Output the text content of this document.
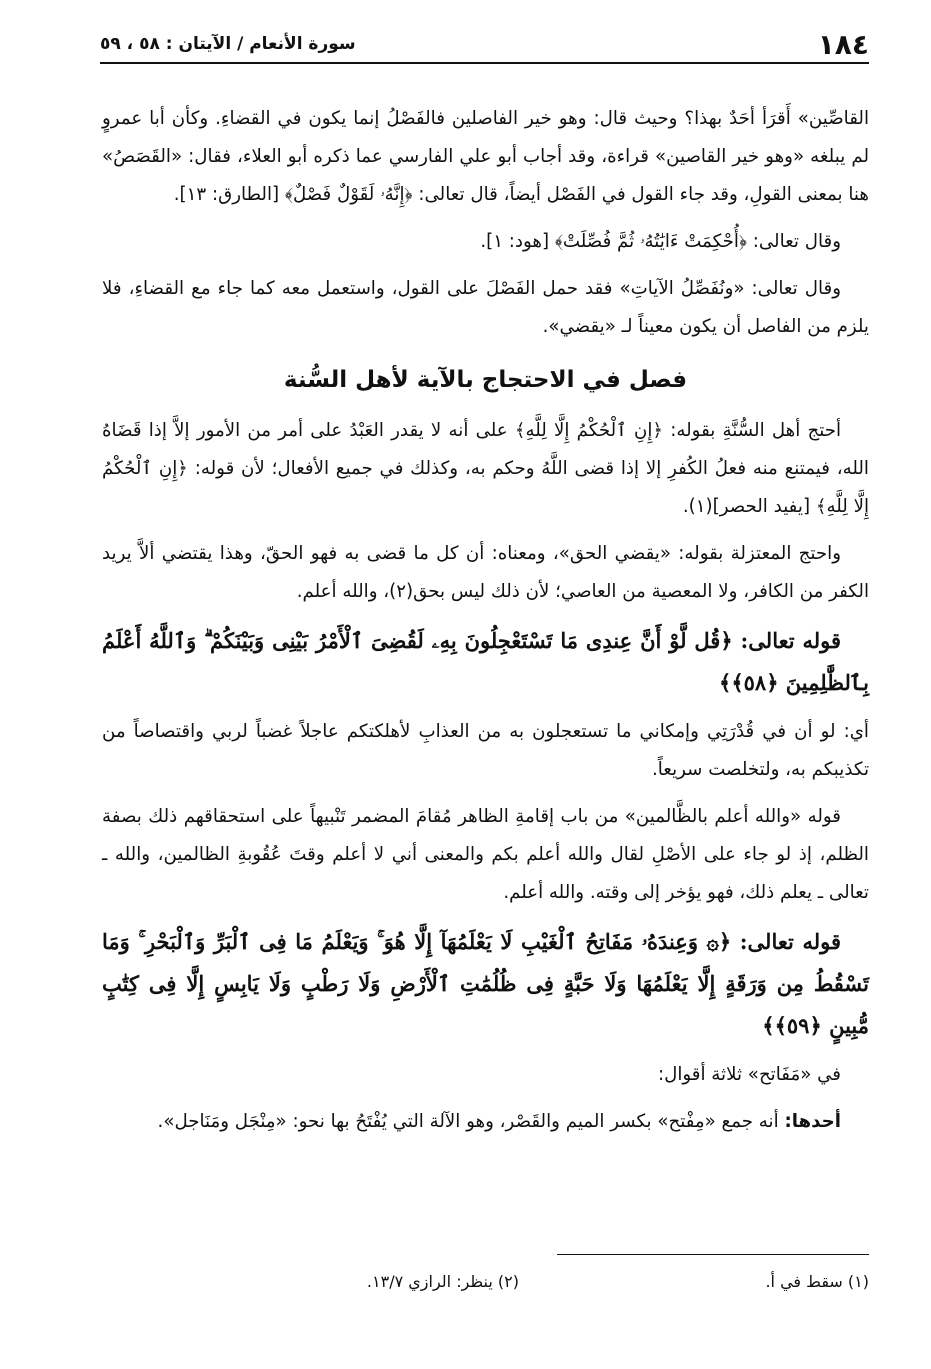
١٨٤
سورة الأنعام / الآيتان : ٥٨ ، ٥٩

القاصِّين» أَقرَأ أحَدٌ بهذا؟ وحيث قال: وهو خير الفاصلين فالفَصْلُ إنما يكون في القضاءِ. وكأن أبا عمروٍ لم يبلغه «وهو خير القاصين» قراءة، وقد أجاب أبو علي الفارسي عما ذكره أبو العلاء، فقال: «القَصَصُ» هنا بمعنى القولِ، وقد جاء القول في الفَصْل أيضاً، قال تعالى: ﴿إِنَّهُۥ لَقَوْلٌ فَصْلٌ﴾ [الطارق: ١٣].

وقال تعالى: ﴿أُحْكِمَتْ ءَايَٰتُهُۥ ثُمَّ فُصِّلَتْ﴾ [هود: ١].

وقال تعالى: «ونُفَصِّلُ الآياتِ» فقد حمل الفَصْلَ على القول، واستعمل معه كما جاء مع القضاءِ، فلا يلزم من الفاصل أن يكون معيناً لـ «يقضي».

فصل في الاحتجاج بالآية لأهل السُّنة

أحتج أهل السُّنَّةِ بقوله: ﴿إِنِ ٱلْحُكْمُ إِلَّا لِلَّهِ﴾ على أنه لا يقدر العَبْدُ على أمر من الأمور إلاَّ إذا قَضَاهُ الله، فيمتنع منه فعلُ الكُفرِ إلا إذا قضى اللَّهُ وحكم به، وكذلك في جميع الأفعال؛ لأن قوله: ﴿إِنِ ٱلْحُكْمُ إِلَّا لِلَّهِ﴾ [يفيد الحصر](١).

واحتج المعتزلة بقوله: «يقضي الحق»، ومعناه: أن كل ما قضى به فهو الحقّ، وهذا يقتضي ألاَّ يريد الكفر من الكافر، ولا المعصية من العاصي؛ لأن ذلك ليس بحق(٢)، والله أعلم.

قوله تعالى: ﴿قُل لَّوْ أَنَّ عِندِى مَا تَسْتَعْجِلُونَ بِهِۦ لَقُضِىَ ٱلْأَمْرُ بَيْنِى وَبَيْنَكُمْ ۗ وَٱللَّهُ أَعْلَمُ بِٱلظَّٰلِمِينَ ﴿٥٨﴾﴾

أي: لو أن في قُدْرَتِي وإمكاني ما تستعجلون به من العذابِ لأهلكتكم عاجلاً غضباً لربي واقتصاصاً من تكذيبكم به، ولتخلصت سريعاً.

قوله «والله أعلم بالظَّالمين» من باب إقامةِ الظاهر مُقامَ المضمر تَنْبيهاً على استحقاقهم ذلك بصفة الظلم، إذ لو جاء على الأصْلِ لقال والله أعلم بكم والمعنى أني لا أعلم وقتَ عُقُوبةِ الظالمين، والله ـ تعالى ـ يعلم ذلك، فهو يؤخر إلى وقته. والله أعلم.

قوله تعالى: ﴿۞ وَعِندَهُۥ مَفَاتِحُ ٱلْغَيْبِ لَا يَعْلَمُهَآ إِلَّا هُوَ ۚ وَيَعْلَمُ مَا فِى ٱلْبَرِّ وَٱلْبَحْرِ ۚ وَمَا تَسْقُطُ مِن وَرَقَةٍ إِلَّا يَعْلَمُهَا وَلَا حَبَّةٍ فِى ظُلُمَٰتِ ٱلْأَرْضِ وَلَا رَطْبٍ وَلَا يَابِسٍ إِلَّا فِى كِتَٰبٍ مُّبِينٍ ﴿٥٩﴾﴾

في «مَفَاتح» ثلاثة أقوال:

أحدها: أنه جمع «مِفْتح» بكسر الميم والقَصْر، وهو الآلة التي يُفْتَحُ بها نحو: «مِنْجَل ومَنَاجل».

(١) سقط في أ.
(٢) ينظر: الرازي ١٣/٧.
